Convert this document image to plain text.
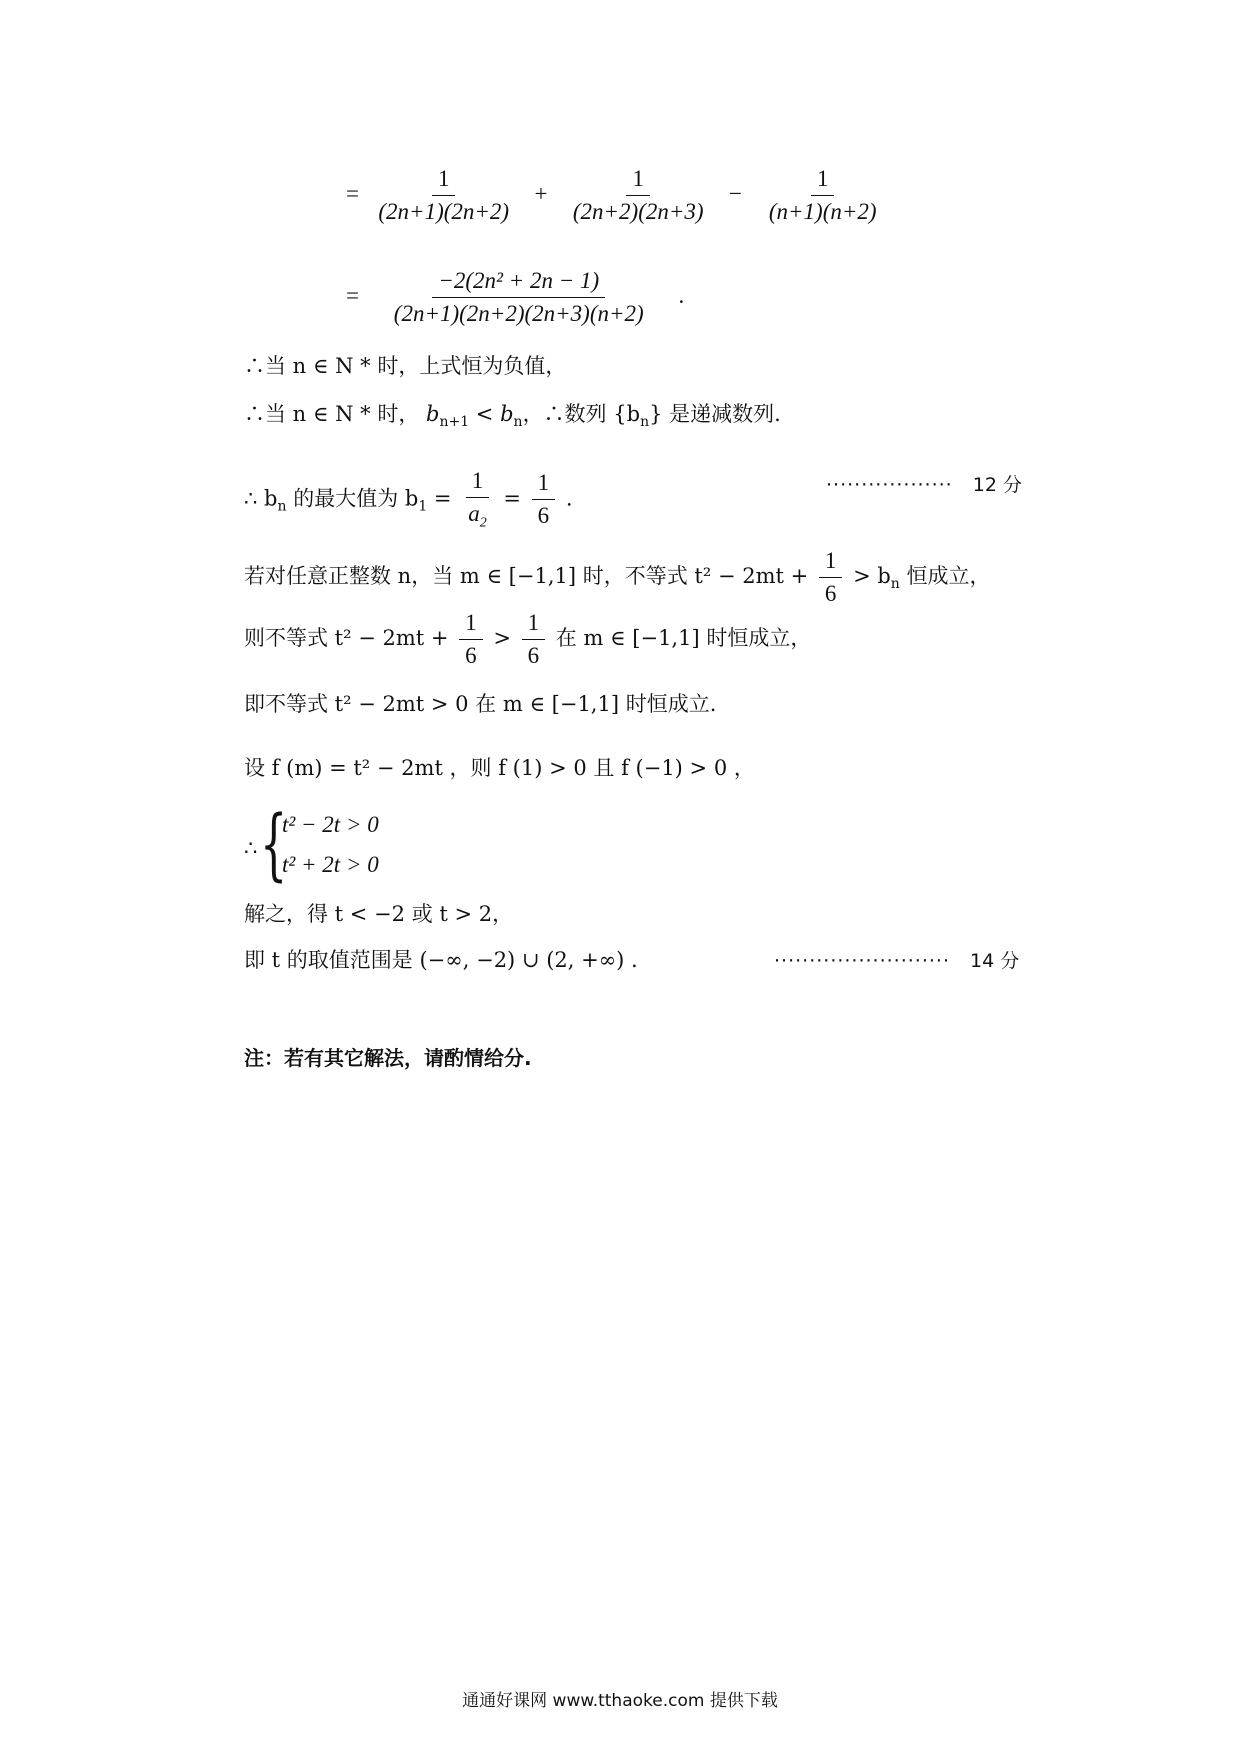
= $\frac{1}{(2n+1)(2n+2)} + \frac{1}{(2n+2)(2n+3)} - \frac{1}{(n+1)(n+2)}$
= $\frac{\text{−2(2n² + 2n − 1)}}{(2n+1)(2n+2)(2n+3)(n+2)}$ .
∴当 n ∈ N * 时，上式恒为负值，
∴当 n ∈ N * 时， $b_{n+1} < b_n$，∴数列 $\{b_n\}$ 是递减数列.
∴ $b_n$ 的最大值为 $b_1 = \frac{1}{a_2} = \frac{1}{6}$ .
·················· 12 分
若对任意正整数 n，当 m ∈ [−1,1] 时，不等式 $t^2 - 2mt + \frac{1}{6} > b_n$ 恒成立，
则不等式 $t^2 - 2mt + \frac{1}{6} > \frac{1}{6}$ 在 m ∈ [−1,1] 时恒成立，
即不等式 t² − 2mt > 0 在 m ∈ [−1,1] 时恒成立.
设 f (m) = t² − 2mt ，则 f (1) > 0 且 f (−1) > 0 ，
∴ {
t² − 2t > 0
t² + 2t > 0
解之，得 t < −2 或 t > 2，
即 t 的取值范围是 (−∞, −2) ∪ (2, +∞) .	························· 14 分
注：若有其它解法，请酌情给分.
通通好课网 www.tthaoke.com 提供下载
